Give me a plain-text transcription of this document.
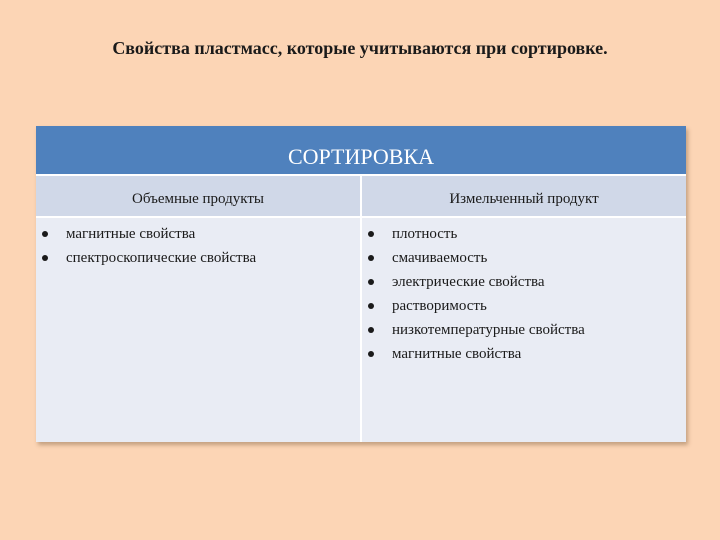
Свойства пластмасс, которые учитываются при сортировке.
СОРТИРОВКА
Объемные продукты
магнитные свойства
спектроскопические свойства
Измельченный продукт
плотность
смачиваемость
электрические свойства
растворимость
низкотемпературные свойства
магнитные свойства
